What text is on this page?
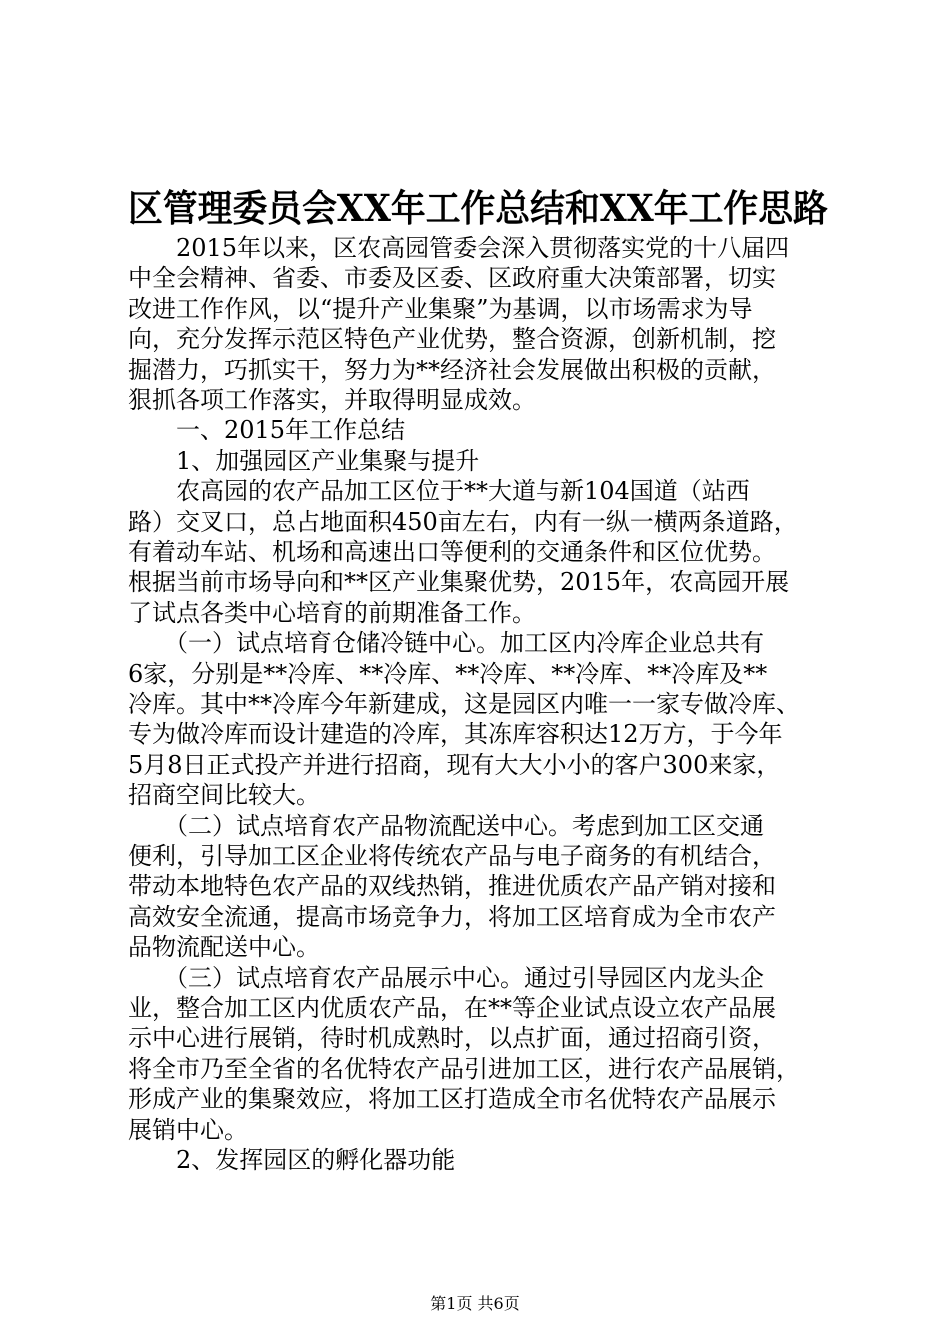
区管理委员会XX年工作总结和XX年工作思路
　　2015年以来，区农高园管委会深入贯彻落实党的十八届四
中全会精神、省委、市委及区委、区政府重大决策部署，切实
改进工作作风，以“提升产业集聚”为基调，以市场需求为导
向，充分发挥示范区特色产业优势，整合资源，创新机制，挖
掘潜力，巧抓实干，努力为**经济社会发展做出积极的贡献，
狠抓各项工作落实，并取得明显成效。
　　一、2015年工作总结
　　1、加强园区产业集聚与提升
　　农高园的农产品加工区位于**大道与新104国道（站西
路）交叉口，总占地面积450亩左右，内有一纵一横两条道路，
有着动车站、机场和高速出口等便利的交通条件和区位优势。
根据当前市场导向和**区产业集聚优势，2015年，农高园开展
了试点各类中心培育的前期准备工作。
　　（一）试点培育仓储冷链中心。加工区内冷库企业总共有
6家，分别是**冷库、**冷库、**冷库、**冷库、**冷库及**
冷库。其中**冷库今年新建成，这是园区内唯一一家专做冷库、
专为做冷库而设计建造的冷库，其冻库容积达12万方，于今年
5月8日正式投产并进行招商，现有大大小小的客户300来家，
招商空间比较大。
　　（二）试点培育农产品物流配送中心。考虑到加工区交通
便利，引导加工区企业将传统农产品与电子商务的有机结合，
带动本地特色农产品的双线热销，推进优质农产品产销对接和
高效安全流通，提高市场竞争力，将加工区培育成为全市农产
品物流配送中心。
　　（三）试点培育农产品展示中心。通过引导园区内龙头企
业，整合加工区内优质农产品，在**等企业试点设立农产品展
示中心进行展销，待时机成熟时，以点扩面，通过招商引资，
将全市乃至全省的名优特农产品引进加工区，进行农产品展销，
形成产业的集聚效应，将加工区打造成全市名优特农产品展示
展销中心。
　　2、发挥园区的孵化器功能
第1页 共6页
